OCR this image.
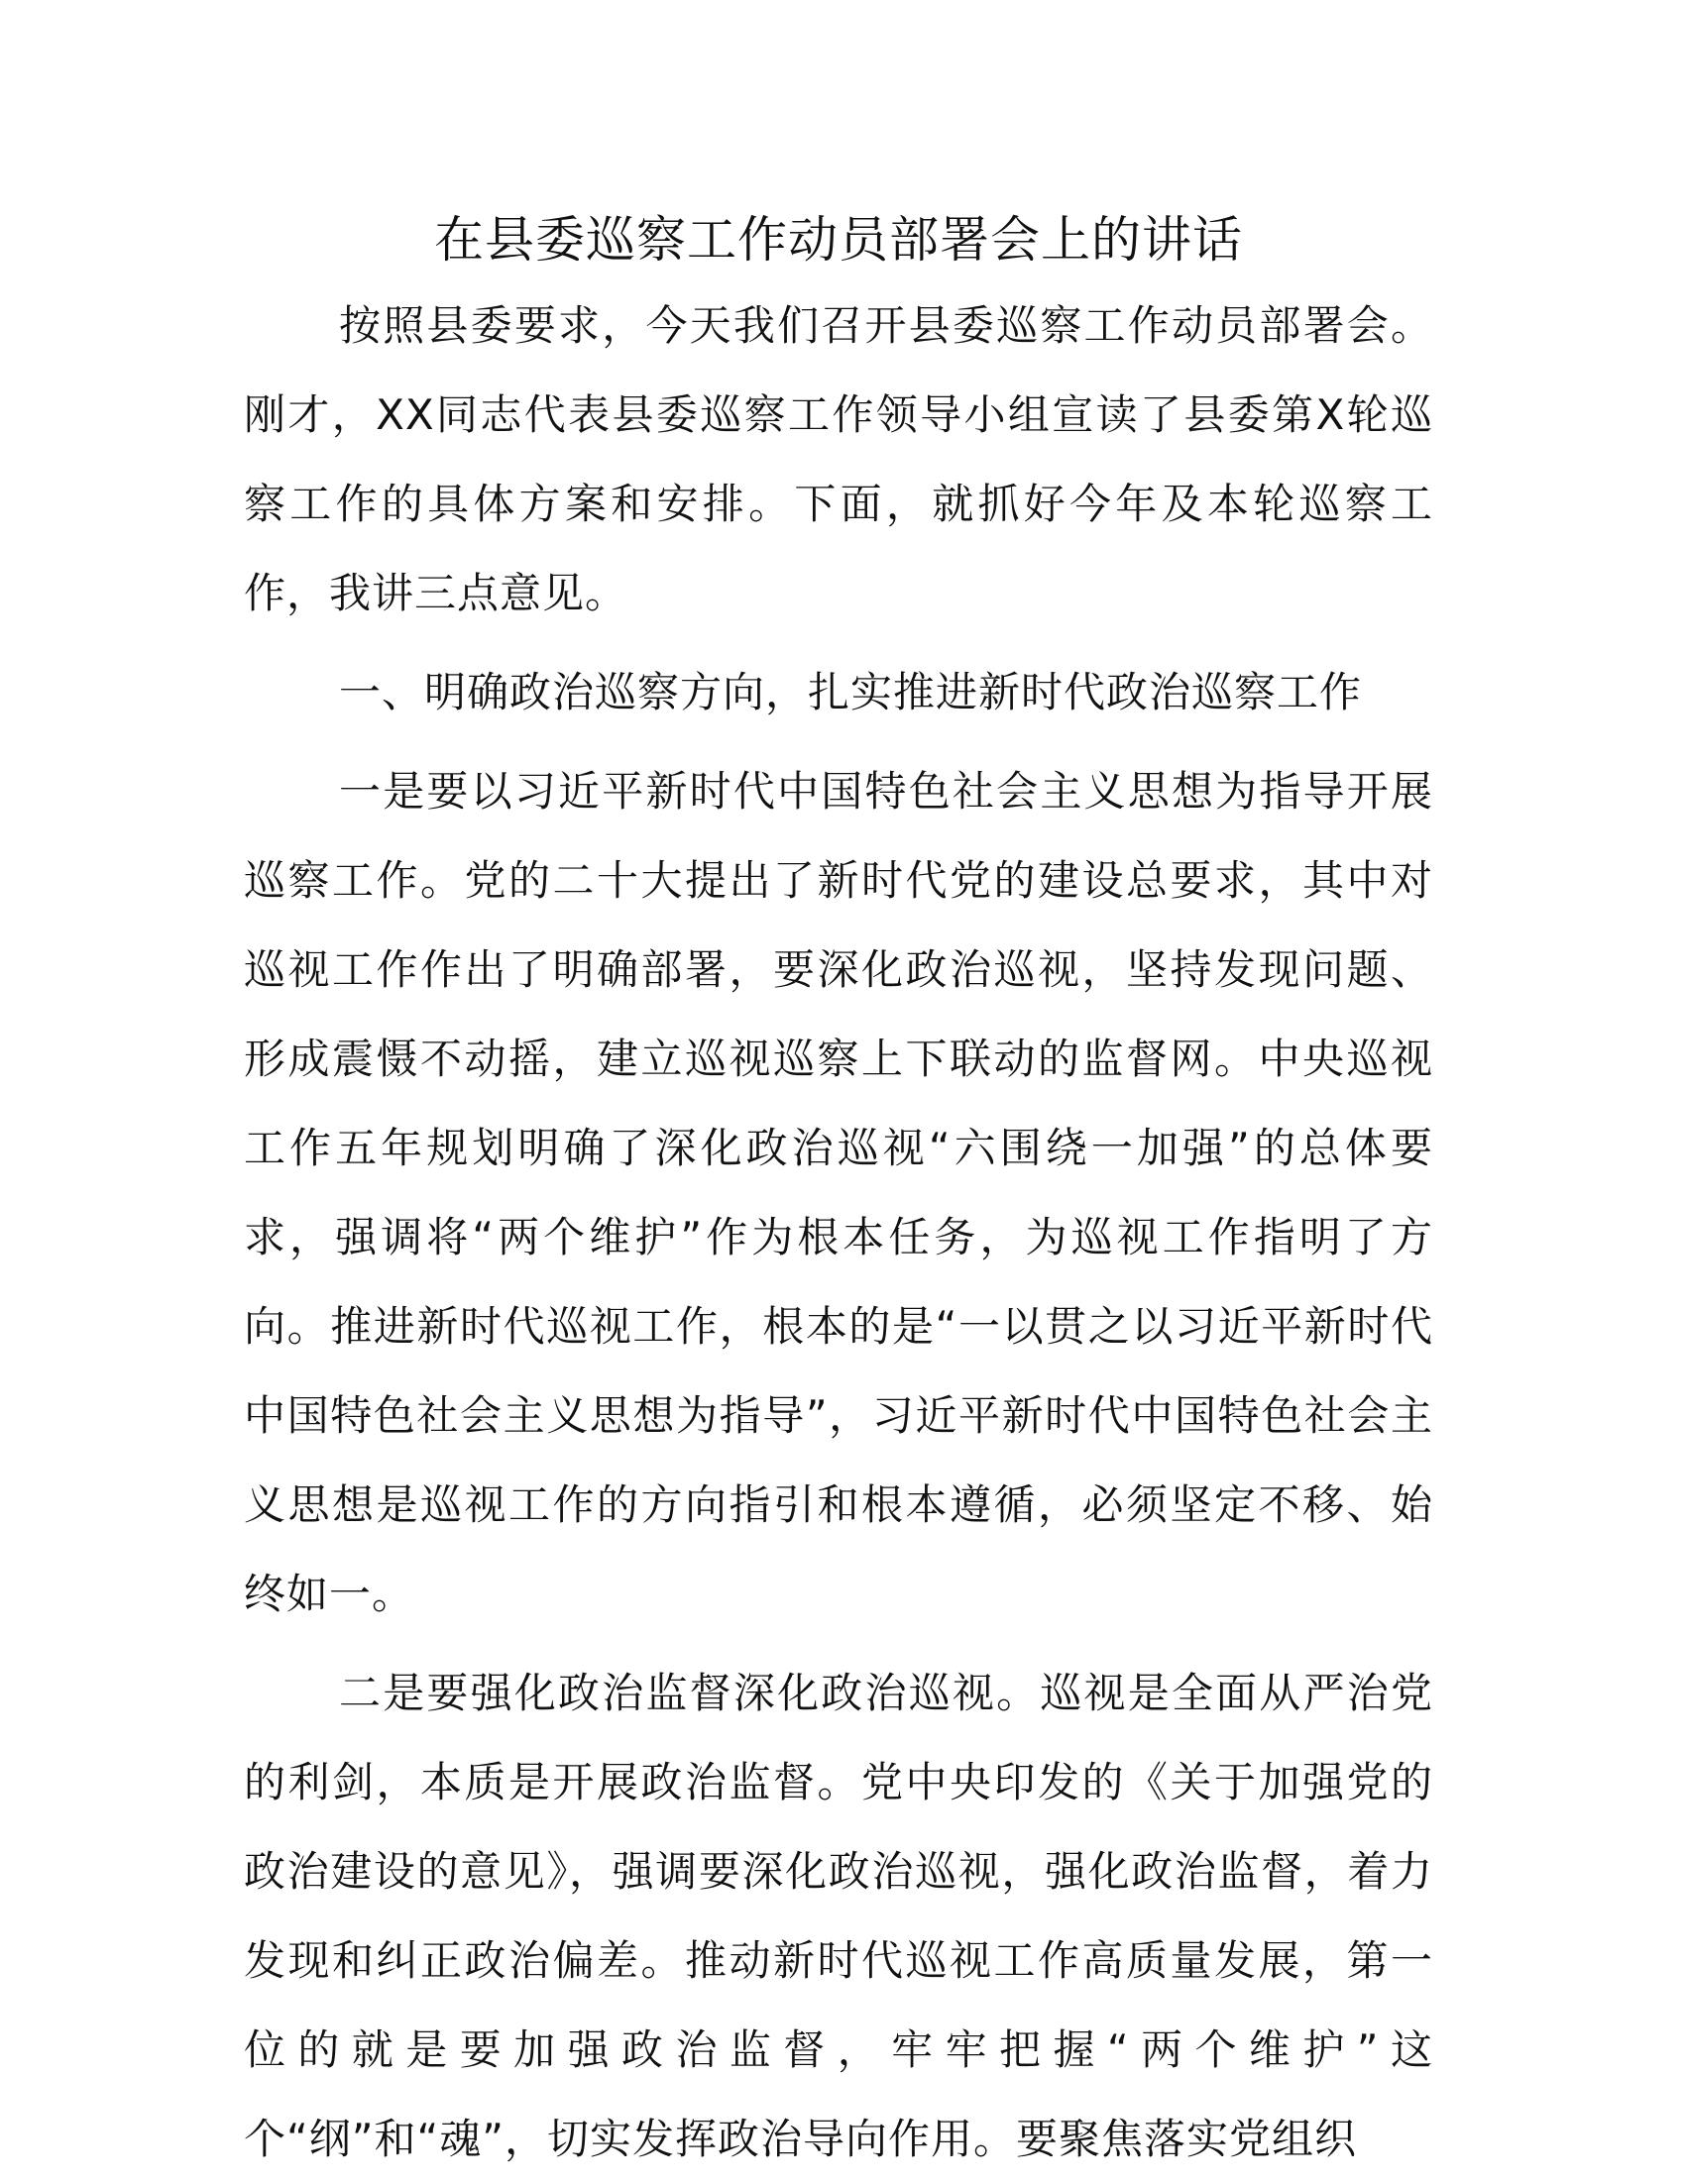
在县委巡察工作动员部署会上的讲话

按照县委要求，今天我们召开县委巡察工作动员部署会。刚才，XX同志代表县委巡察工作领导小组宣读了县委第X轮巡察工作的具体方案和安排。下面，就抓好今年及本轮巡察工作，我讲三点意见。

一、明确政治巡察方向，扎实推进新时代政治巡察工作

一是要以习近平新时代中国特色社会主义思想为指导开展巡察工作。党的二十大提出了新时代党的建设总要求，其中对巡视工作作出了明确部署，要深化政治巡视，坚持发现问题、形成震慑不动摇，建立巡视巡察上下联动的监督网。中央巡视工作五年规划明确了深化政治巡视“六围绕一加强”的总体要求，强调将“两个维护”作为根本任务，为巡视工作指明了方向。推进新时代巡视工作，根本的是“一以贯之以习近平新时代中国特色社会主义思想为指导”，习近平新时代中国特色社会主义思想是巡视工作的方向指引和根本遵循，必须坚定不移、始终如一。

二是要强化政治监督深化政治巡视。巡视是全面从严治党的利剑，本质是开展政治监督。党中央印发的《关于加强党的政治建设的意见》，强调要深化政治巡视，强化政治监督，着力发现和纠正政治偏差。推动新时代巡视工作高质量发展，第一位的就是要加强政治监督，牢牢把握“两个维护”这个“纲”和“魂”，切实发挥政治导向作用。要聚焦落实党组织
